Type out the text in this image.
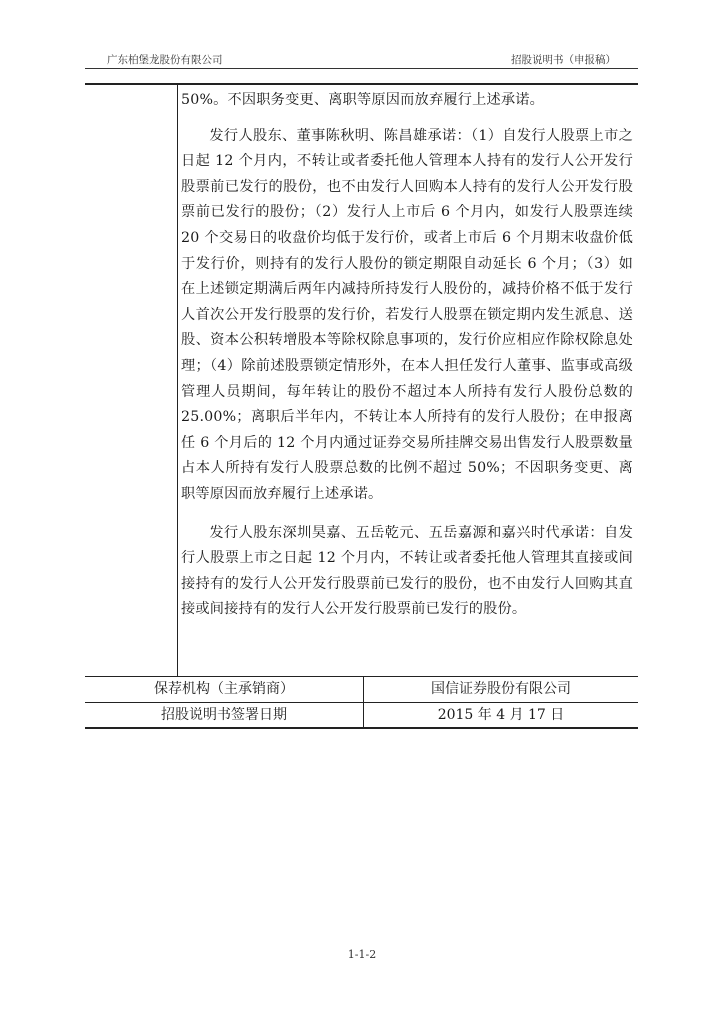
广东柏堡龙股份有限公司	招股说明书（申报稿）

50%。不因职务变更、离职等原因而放弃履行上述承诺。

发行人股东、董事陈秋明、陈昌雄承诺：（1）自发行人股票上市之日起 12 个月内，不转让或者委托他人管理本人持有的发行人公开发行股票前已发行的股份，也不由发行人回购本人持有的发行人公开发行股票前已发行的股份；（2）发行人上市后 6 个月内，如发行人股票连续 20 个交易日的收盘价均低于发行价，或者上市后 6 个月期末收盘价低于发行价，则持有的发行人股份的锁定期限自动延长 6 个月；（3）如在上述锁定期满后两年内减持所持发行人股份的，减持价格不低于发行人首次公开发行股票的发行价，若发行人股票在锁定期内发生派息、送股、资本公积转增股本等除权除息事项的，发行价应相应作除权除息处理；（4）除前述股票锁定情形外，在本人担任发行人董事、监事或高级管理人员期间，每年转让的股份不超过本人所持有发行人股份总数的 25.00%；离职后半年内，不转让本人所持有的发行人股份；在申报离任 6 个月后的 12 个月内通过证券交易所挂牌交易出售发行人股票数量占本人所持有发行人股票总数的比例不超过 50%；不因职务变更、离职等原因而放弃履行上述承诺。

发行人股东深圳昊嘉、五岳乾元、五岳嘉源和嘉兴时代承诺：自发行人股票上市之日起 12 个月内，不转让或者委托他人管理其直接或间接持有的发行人公开发行股票前已发行的股份，也不由发行人回购其直接或间接持有的发行人公开发行股票前已发行的股份。

保荐机构（主承销商）	国信证券股份有限公司
招股说明书签署日期	2015 年 4 月 17 日
1-1-2
